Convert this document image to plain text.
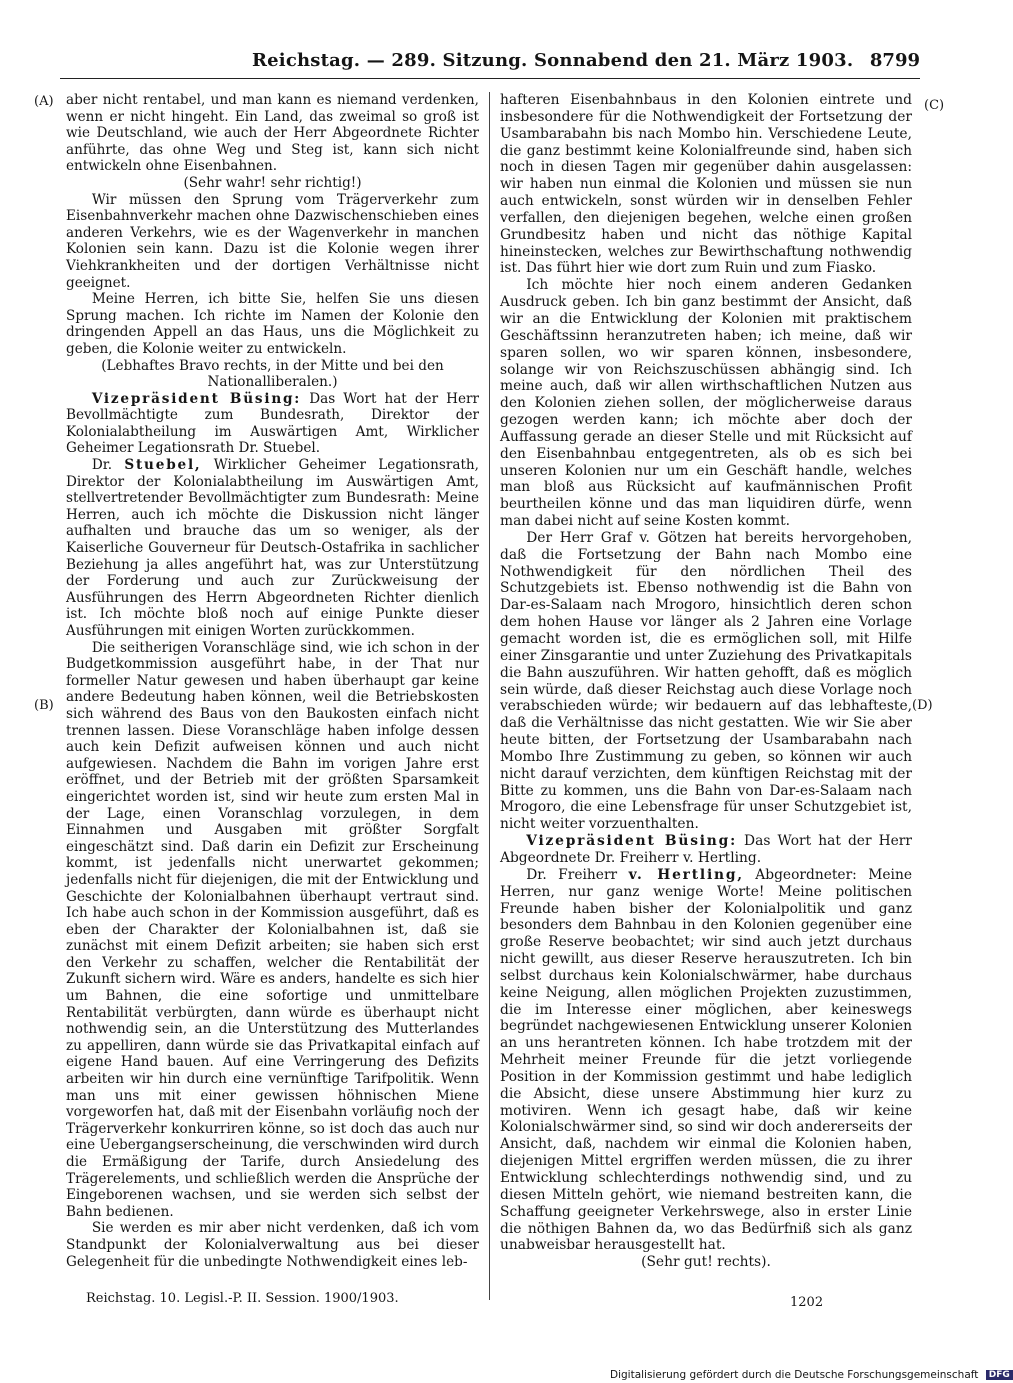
Reichstag. — 289. Sitzung. Sonnabend den 21. März 1903. 8799
(A)
(B)
(C)
(D)

aber nicht rentabel, und man kann es niemand verdenken, wenn er nicht hingeht. Ein Land, das zweimal so groß ist wie Deutschland, wie auch der Herr Abgeordnete Richter anführte, das ohne Weg und Steg ist, kann sich nicht entwickeln ohne Eisenbahnen.

(Sehr wahr! sehr richtig!)

Wir müssen den Sprung vom Trägerverkehr zum Eisenbahnverkehr machen ohne Dazwischenschieben eines anderen Verkehrs, wie es der Wagenverkehr in manchen Kolonien sein kann. Dazu ist die Kolonie wegen ihrer Viehkrankheiten und der dortigen Verhältnisse nicht geeignet.

Meine Herren, ich bitte Sie, helfen Sie uns diesen Sprung machen. Ich richte im Namen der Kolonie den dringenden Appell an das Haus, uns die Möglichkeit zu geben, die Kolonie weiter zu entwickeln.

(Lebhaftes Bravo rechts, in der Mitte und bei den Nationalliberalen.)

Vizepräsident Büsing: Das Wort hat der Herr Bevollmächtigte zum Bundesrath, Direktor der Kolonialabtheilung im Auswärtigen Amt, Wirklicher Geheimer Legationsrath Dr. Stuebel.

Dr. Stuebel, Wirklicher Geheimer Legationsrath, Direktor der Kolonialabtheilung im Auswärtigen Amt, stellvertretender Bevollmächtigter zum Bundesrath: Meine Herren, auch ich möchte die Diskussion nicht länger aufhalten und brauche das um so weniger, als der Kaiserliche Gouverneur für Deutsch-Ostafrika in sachlicher Beziehung ja alles angeführt hat, was zur Unterstützung der Forderung und auch zur Zurückweisung der Ausführungen des Herrn Abgeordneten Richter dienlich ist. Ich möchte bloß noch auf einige Punkte dieser Ausführungen mit einigen Worten zurückkommen.

Die seitherigen Voranschläge sind, wie ich schon in der Budgetkommission ausgeführt habe, in der That nur formeller Natur gewesen und haben überhaupt gar keine andere Bedeutung haben können, weil die Betriebskosten sich während des Baus von den Baukosten einfach nicht trennen lassen. Diese Voranschläge haben infolge dessen auch kein Defizit aufweisen können und auch nicht aufgewiesen. Nachdem die Bahn im vorigen Jahre erst eröffnet, und der Betrieb mit der größten Sparsamkeit eingerichtet worden ist, sind wir heute zum ersten Mal in der Lage, einen Voranschlag vorzulegen, in dem Einnahmen und Ausgaben mit größter Sorgfalt eingeschätzt sind. Daß darin ein Defizit zur Erscheinung kommt, ist jedenfalls nicht unerwartet gekommen; jedenfalls nicht für diejenigen, die mit der Entwicklung und Geschichte der Kolonialbahnen überhaupt vertraut sind. Ich habe auch schon in der Kommission ausgeführt, daß es eben der Charakter der Kolonialbahnen ist, daß sie zunächst mit einem Defizit arbeiten; sie haben sich erst den Verkehr zu schaffen, welcher die Rentabilität der Zukunft sichern wird. Wäre es anders, handelte es sich hier um Bahnen, die eine sofortige und unmittelbare Rentabilität verbürgten, dann würde es überhaupt nicht nothwendig sein, an die Unterstützung des Mutterlandes zu appelliren, dann würde sie das Privatkapital einfach auf eigene Hand bauen. Auf eine Verringerung des Defizits arbeiten wir hin durch eine vernünftige Tarifpolitik. Wenn man uns mit einer gewissen höhnischen Miene vorgeworfen hat, daß mit der Eisenbahn vorläufig noch der Trägerverkehr konkurriren könne, so ist doch das auch nur eine Uebergangserscheinung, die verschwinden wird durch die Ermäßigung der Tarife, durch Ansiedelung des Trägerelements, und schließlich werden die Ansprüche der Eingeborenen wachsen, und sie werden sich selbst der Bahn bedienen.

Sie werden es mir aber nicht verdenken, daß ich vom Standpunkt der Kolonialverwaltung aus bei dieser Gelegenheit für die unbedingte Nothwendigkeit eines leb-

hafteren Eisenbahnbaus in den Kolonien eintrete und insbesondere für die Nothwendigkeit der Fortsetzung der Usambarabahn bis nach Mombo hin. Verschiedene Leute, die ganz bestimmt keine Kolonialfreunde sind, haben sich noch in diesen Tagen mir gegenüber dahin ausgelassen: wir haben nun einmal die Kolonien und müssen sie nun auch entwickeln, sonst würden wir in denselben Fehler verfallen, den diejenigen begehen, welche einen großen Grundbesitz haben und nicht das nöthige Kapital hineinstecken, welches zur Bewirthschaftung nothwendig ist. Das führt hier wie dort zum Ruin und zum Fiasko.

Ich möchte hier noch einem anderen Gedanken Ausdruck geben. Ich bin ganz bestimmt der Ansicht, daß wir an die Entwicklung der Kolonien mit praktischem Geschäftssinn heranzutreten haben; ich meine, daß wir sparen sollen, wo wir sparen können, insbesondere, solange wir von Reichszuschüssen abhängig sind. Ich meine auch, daß wir allen wirthschaftlichen Nutzen aus den Kolonien ziehen sollen, der möglicherweise daraus gezogen werden kann; ich möchte aber doch der Auffassung gerade an dieser Stelle und mit Rücksicht auf den Eisenbahnbau entgegentreten, als ob es sich bei unseren Kolonien nur um ein Geschäft handle, welches man bloß aus Rücksicht auf kaufmännischen Profit beurtheilen könne und das man liquidiren dürfe, wenn man dabei nicht auf seine Kosten kommt.

Der Herr Graf v. Götzen hat bereits hervorgehoben, daß die Fortsetzung der Bahn nach Mombo eine Nothwendigkeit für den nördlichen Theil des Schutzgebiets ist. Ebenso nothwendig ist die Bahn von Dar-es-Salaam nach Mrogoro, hinsichtlich deren schon dem hohen Hause vor länger als 2 Jahren eine Vorlage gemacht worden ist, die es ermöglichen soll, mit Hilfe einer Zinsgarantie und unter Zuziehung des Privatkapitals die Bahn auszuführen. Wir hatten gehofft, daß es möglich sein würde, daß dieser Reichstag auch diese Vorlage noch verabschieden würde; wir bedauern auf das lebhafteste, daß die Verhältnisse das nicht gestatten. Wie wir Sie aber heute bitten, der Fortsetzung der Usambarabahn nach Mombo Ihre Zustimmung zu geben, so können wir auch nicht darauf verzichten, dem künftigen Reichstag mit der Bitte zu kommen, uns die Bahn von Dar-es-Salaam nach Mrogoro, die eine Lebensfrage für unser Schutzgebiet ist, nicht weiter vorzuenthalten.

Vizepräsident Büsing: Das Wort hat der Herr Abgeordnete Dr. Freiherr v. Hertling.

Dr. Freiherr v. Hertling, Abgeordneter: Meine Herren, nur ganz wenige Worte! Meine politischen Freunde haben bisher der Kolonialpolitik und ganz besonders dem Bahnbau in den Kolonien gegenüber eine große Reserve beobachtet; wir sind auch jetzt durchaus nicht gewillt, aus dieser Reserve herauszutreten. Ich bin selbst durchaus kein Kolonialschwärmer, habe durchaus keine Neigung, allen möglichen Projekten zuzustimmen, die im Interesse einer möglichen, aber keineswegs begründet nachgewiesenen Entwicklung unserer Kolonien an uns herantreten können. Ich habe trotzdem mit der Mehrheit meiner Freunde für die jetzt vorliegende Position in der Kommission gestimmt und habe lediglich die Absicht, diese unsere Abstimmung hier kurz zu motiviren. Wenn ich gesagt habe, daß wir keine Kolonialschwärmer sind, so sind wir doch andererseits der Ansicht, daß, nachdem wir einmal die Kolonien haben, diejenigen Mittel ergriffen werden müssen, die zu ihrer Entwicklung schlechterdings nothwendig sind, und zu diesen Mitteln gehört, wie niemand bestreiten kann, die Schaffung geeigneter Verkehrswege, also in erster Linie die nöthigen Bahnen da, wo das Bedürfniß sich als ganz unabweisbar herausgestellt hat.

(Sehr gut! rechts).

Reichstag. 10. Legisl.-P. II. Session. 1900/1903.	1202
Digitalisierung gefördert durch die Deutsche Forschungsgemeinschaft DFG
